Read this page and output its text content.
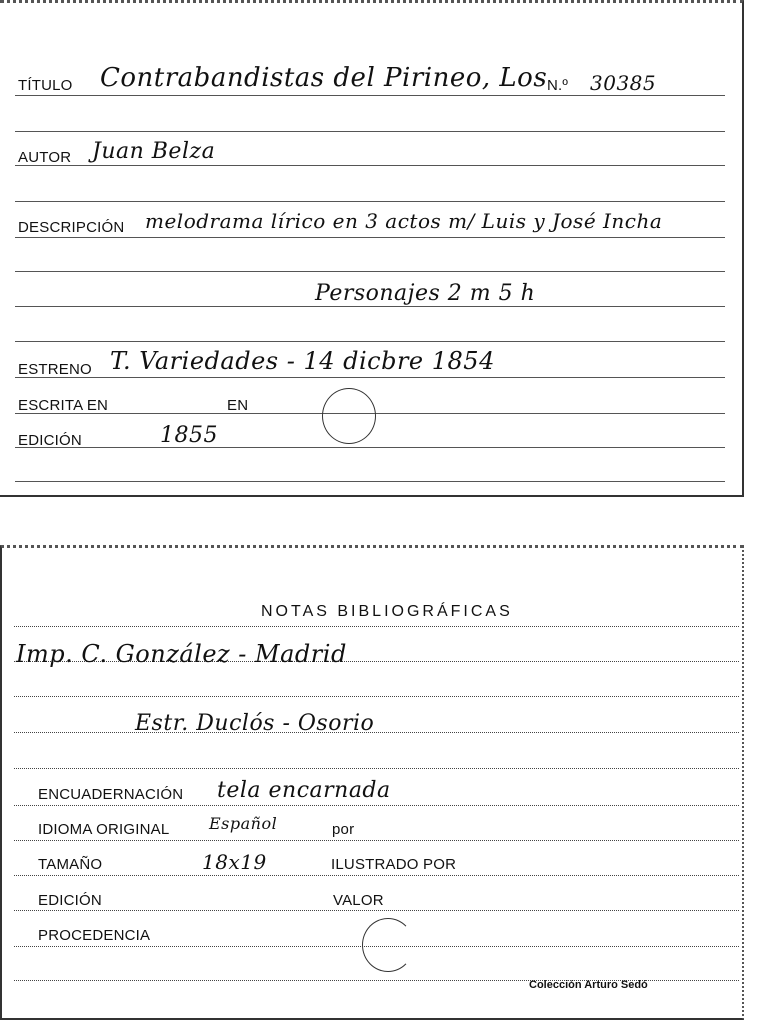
TÍTULO Contrabandistas del Pirineo, Los N.º 30385
AUTOR Juan Belza
DESCRIPCIÓN melodrama lírico en 3 actos m/ Luis y José Incha
Personajes 2 m 5 h
ESTRENO T. Variedades - 14 dicbre 1854
ESCRITA EN	EN
EDICIÓN	1855
NOTAS BIBLIOGRÁFICAS
Imp. C. González - Madrid
Estr. Duclós - Osorio
ENCUADERNACIÓN tela encarnada
IDIOMA ORIGINAL Español	por
TAMAÑO	18x19	ILUSTRADO POR
EDICIÓN	VALOR
PROCEDENCIA
Colección Arturo Sedó
